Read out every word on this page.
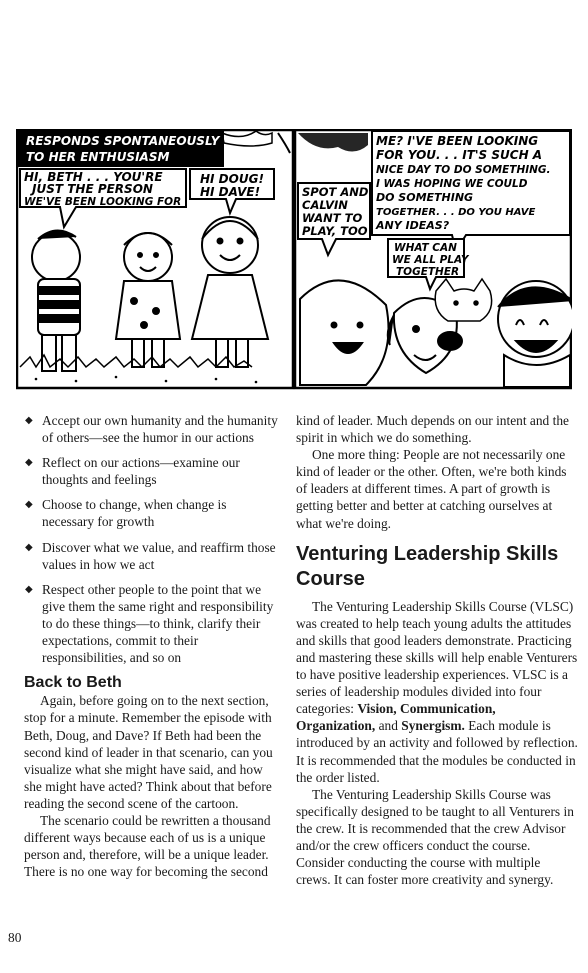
RESPONDS SPONTANEOUSLY
TO HER ENTHUSIASM
HI, BETH . . . YOU'RE
JUST THE PERSON
WE'VE BEEN LOOKING FOR
HI DOUG!
HI DAVE!	SPOT AND
CALVIN
WANT TO
PLAY, TOO
ME? I'VE BEEN LOOKING
FOR YOU. . . IT'S SUCH A
NICE DAY TO DO SOMETHING.
I WAS HOPING WE COULD
DO SOMETHING
TOGETHER. . . DO YOU HAVE
ANY IDEAS?
WHAT CAN
WE ALL PLAY
TOGETHER
◆ Accept our own humanity and the humanity of others—see the humor in our actions
◆ Reflect on our actions—examine our thoughts and feelings
◆ Choose to change, when change is necessary for growth
◆ Discover what we value, and reaffirm those values in how we act
◆ Respect other people to the point that we give them the same right and responsibility to do these things—to think, clarify their expectations, commit to their responsibilities, and so on
Back to Beth

Again, before going on to the next section, stop for a minute. Remember the episode with Beth, Doug, and Dave? If Beth had been the second kind of leader in that scenario, can you visualize what she might have said, and how she might have acted? Think about that before reading the second scene of the cartoon.

The scenario could be rewritten a thousand different ways because each of us is a unique person and, therefore, will be a unique leader. There is no one way for becoming the second

kind of leader. Much depends on our intent and the spirit in which we do something.

One more thing: People are not necessarily one kind of leader or the other. Often, we're both kinds of leaders at different times. A part of growth is getting better and better at catching ourselves at what we're doing.

Venturing Leadership Skills Course

The Venturing Leadership Skills Course (VLSC) was created to help teach young adults the attitudes and skills that good leaders demonstrate. Practicing and mastering these skills will help enable Venturers to have positive leadership experiences. VLSC is a series of leadership modules divided into four categories: Vision, Communication, Organization, and Synergism. Each module is introduced by an activity and followed by reflection. It is recommended that the modules be conducted in the order listed.

The Venturing Leadership Skills Course was specifically designed to be taught to all Venturers in the crew. It is recommended that the crew Advisor and/or the crew officers conduct the course. Consider conducting the course with multiple crews. It can foster more creativity and synergy.

80
